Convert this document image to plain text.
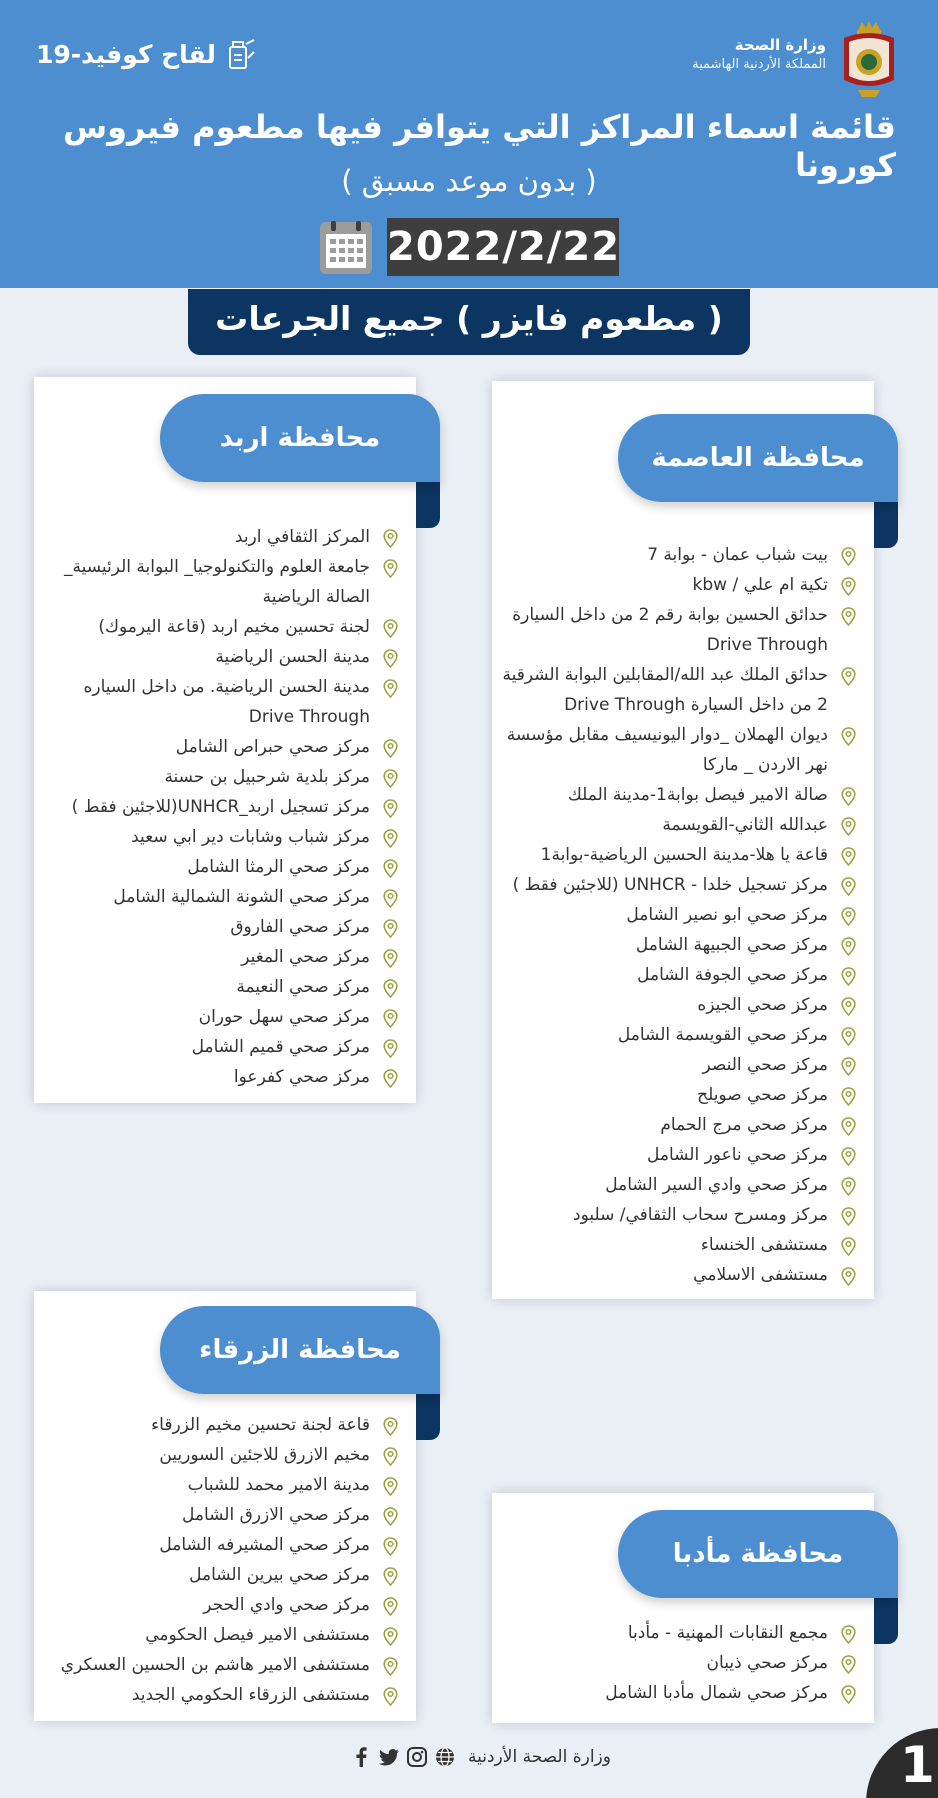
وزارة الصحة
المملكة الأردنية الهاشمية
لقاح كوفيد-19
قائمة اسماء المراكز التي يتوافر فيها مطعوم فيروس كورونا
( بدون موعد مسبق )
2022/2/22
( مطعوم فايزر ) جميع الجرعات
محافظة العاصمة
بيت شباب عمان - بوابة 7
تكية ام علي / kbw
حدائق الحسين بوابة رقم 2 من داخل السيارة Drive Through
حدائق الملك عبد الله/المقابلين البوابة الشرقية 2 من داخل السيارة Drive Through
ديوان الهملان _دوار اليونيسيف مقابل مؤسسة نهر الاردن _ ماركا
صالة الامير فيصل بوابة1-مدينة الملك
عبدالله الثاني-القويسمة
قاعة يا هلا-مدينة الحسين الرياضية-بوابة1
مركز تسجيل خلدا - UNHCR (للاجئين فقط )
مركز صحي ابو نصير الشامل
مركز صحي الجبيهة الشامل
مركز صحي الجوفة الشامل
مركز صحي الجيزه
مركز صحي القويسمة الشامل
مركز صحي النصر
مركز صحي صويلح
مركز صحي مرج الحمام
مركز صحي ناعور الشامل
مركز صحي وادي السير الشامل
مركز ومسرح سحاب الثقافي/ سلبود
مستشفى الخنساء
مستشفى الاسلامي
محافظة اربد
المركز الثقافي اربد
جامعة العلوم والتكنولوجيا_ البوابة الرئيسية_ الصالة الرياضية
لجنة تحسين مخيم اربد (قاعة اليرموك)
مدينة الحسن الرياضية
مدينة الحسن الرياضية. من داخل السياره Drive Through
مركز صحي حبراص الشامل
مركز بلدية شرحبيل بن حسنة
مركز تسجيل اربد_UNHCR(للاجئين فقط )
مركز شباب وشابات دير ابي سعيد
مركز صحي الرمثا الشامل
مركز صحي الشونة الشمالية الشامل
مركز صحي الفاروق
مركز صحي المغير
مركز صحي النعيمة
مركز صحي سهل حوران
مركز صحي قميم الشامل
مركز صحي كفرعوا
محافظة الزرقاء
قاعة لجنة تحسين مخيم الزرقاء
مخيم الازرق للاجئين السوريين
مدينة الامير محمد للشباب
مركز صحي الازرق الشامل
مركز صحي المشيرفه الشامل
مركز صحي بيرين الشامل
مركز صحي وادي الحجر
مستشفى الامير فيصل الحكومي
مستشفى الامير هاشم بن الحسين العسكري
مستشفى الزرقاء الحكومي الجديد
محافظة مأدبا
مجمع النقابات المهنية - مأدبا
مركز صحي ذيبان
مركز صحي شمال مأدبا الشامل
وزارة الصحة الأردنية	1
